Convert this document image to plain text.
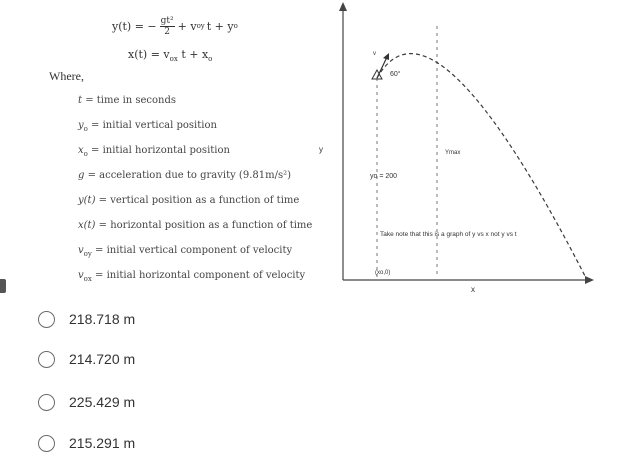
y(t) = − $\frac{\text{gt²}}{2} + v$ oy t + y o
$x(t) = v_{ox}$ $t + x_o$
Where,
t = time in seconds
$y_o$ = initial vertical position
$x_o$ = initial horizontal position
g = acceleration due to gravity (9.81m/s²)
y(t) = vertical position as a function of time
x(t) = horizontal position as a function of time
$v_{oy}$ = initial vertical component of velocity
$v_{ox}$ = initial horizontal component of velocity
y
v
60°
Ymax
yo = 200
Take note that this is a graph of y vs x not y vs t
(xo,0)
x
218.718 m
214.720 m
225.429 m
215.291 m
